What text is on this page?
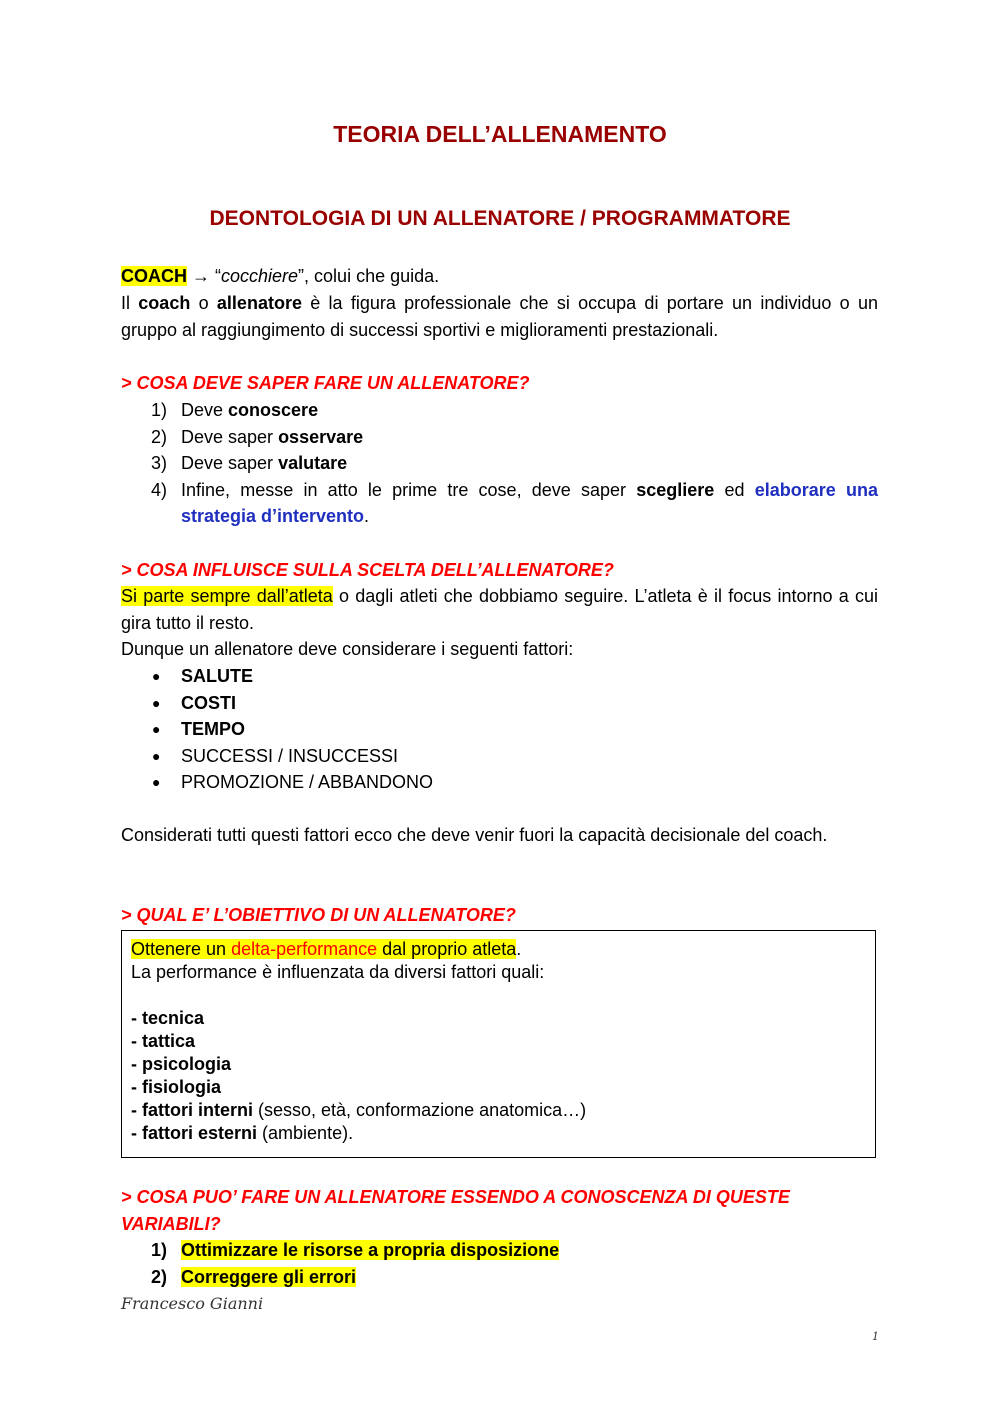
TEORIA DELL’ALLENAMENTO
DEONTOLOGIA DI UN ALLENATORE / PROGRAMMATORE
COACH → “cocchiere”, colui che guida.
Il coach o allenatore è la figura professionale che si occupa di portare un individuo o un gruppo al raggiungimento di successi sportivi e miglioramenti prestazionali.
> COSA DEVE SAPER FARE UN ALLENATORE?
1) Deve conoscere
2) Deve saper osservare
3) Deve saper valutare
4) Infine, messe in atto le prime tre cose, deve saper scegliere ed elaborare una strategia d’intervento.
> COSA INFLUISCE SULLA SCELTA DELL’ALLENATORE?
Si parte sempre dall’atleta o dagli atleti che dobbiamo seguire. L’atleta è il focus intorno a cui gira tutto il resto.
Dunque un allenatore deve considerare i seguenti fattori:
● SALUTE
● COSTI
● TEMPO
● SUCCESSI / INSUCCESSI
● PROMOZIONE / ABBANDONO
Considerati tutti questi fattori ecco che deve venir fuori la capacità decisionale del coach.
> QUAL E’ L’OBIETTIVO DI UN ALLENATORE?
Ottenere un delta-performance dal proprio atleta.
La performance è influenzata da diversi fattori quali:
- tecnica
- tattica
- psicologia
- fisiologia
- fattori interni (sesso, età, conformazione anatomica…)
- fattori esterni (ambiente).
> COSA PUO’ FARE UN ALLENATORE ESSENDO A CONOSCENZA DI QUESTE VARIABILI?
1) Ottimizzare le risorse a propria disposizione
2) Correggere gli errori
Francesco Gianni
1
